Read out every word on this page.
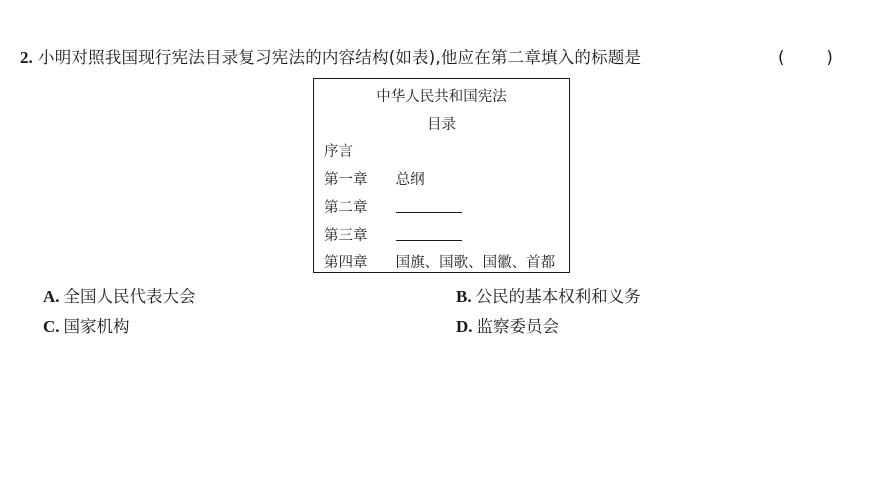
2. 小明对照我国现行宪法目录复习宪法的内容结构(如表),他应在第二章填入的标题是	(        )
中华人民共和国宪法
目录
序言
第一章 总纲
第二章
第三章
第四章 国旗、国歌、国徽、首都
A. 全国人民代表大会	B. 公民的基本权利和义务
C. 国家机构	D. 监察委员会
